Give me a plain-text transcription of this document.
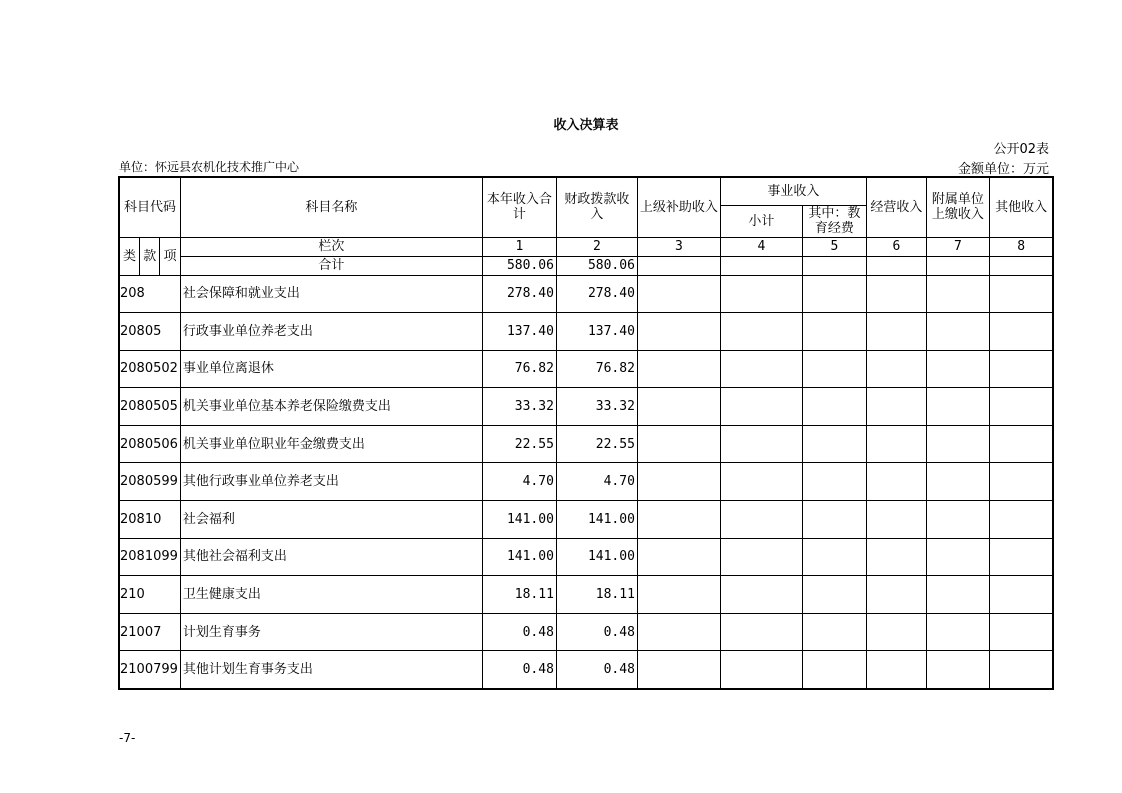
收入决算表
公开02表
单位：怀远县农机化技术推广中心	金额单位：万元
科目代码			科目名称	本年收入合计	财政拨款收入	上级补助收入	事业收入		经营收入	附属单位上缴收入	其他收入
							小计	其中：教育经费			
类	款	项	栏次	1	2	3	4	5	6	7	8
			合计	580.06	580.06						
208			社会保障和就业支出	278.40	278.40						
20805			行政事业单位养老支出	137.40	137.40						
2080502			事业单位离退休	76.82	76.82						
2080505			机关事业单位基本养老保险缴费支出	33.32	33.32						
2080506			机关事业单位职业年金缴费支出	22.55	22.55						
2080599			其他行政事业单位养老支出	4.70	4.70						
20810			社会福利	141.00	141.00						
2081099			其他社会福利支出	141.00	141.00						
210			卫生健康支出	18.11	18.11						
21007			计划生育事务	0.48	0.48						
2100799			其他计划生育事务支出	0.48	0.48						
-7-
